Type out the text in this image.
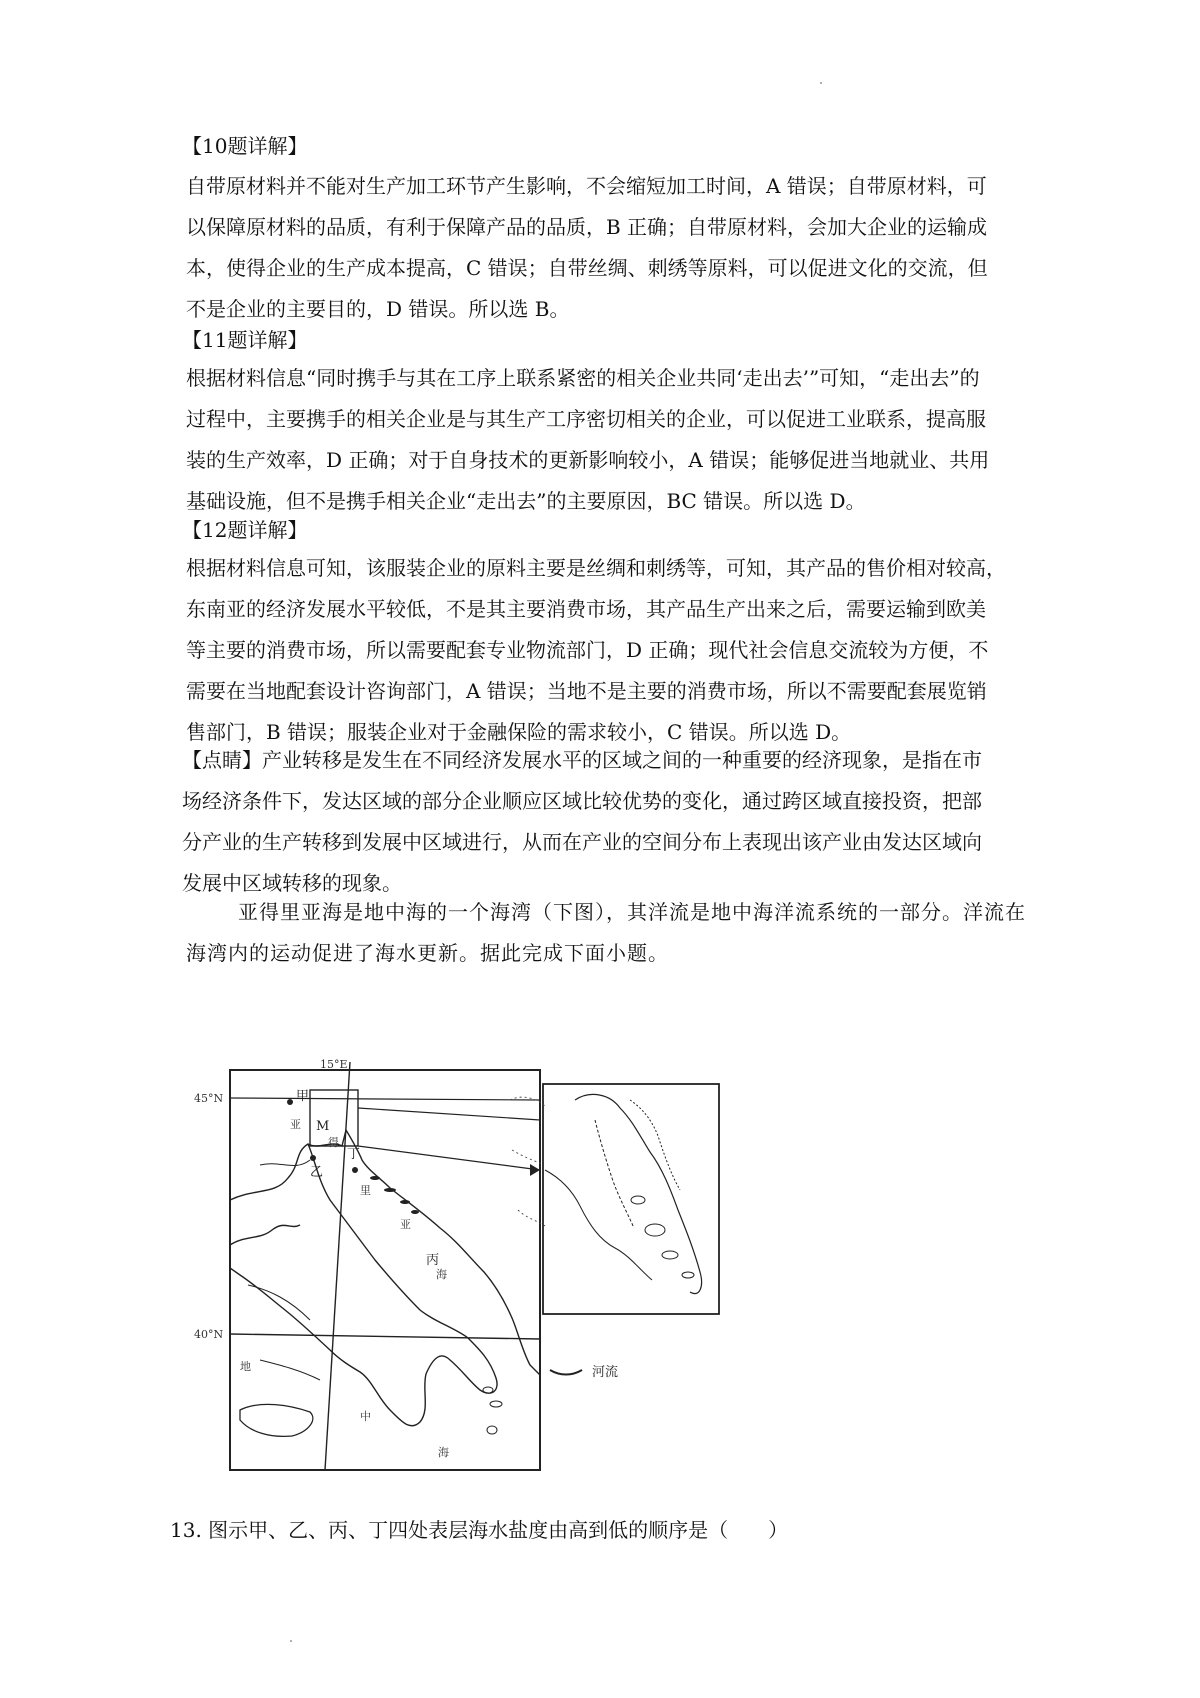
【10题详解】
自带原材料并不能对生产加工环节产生影响，不会缩短加工时间，A 错误；自带原材料，可
以保障原材料的品质，有利于保障产品的品质，B 正确；自带原材料，会加大企业的运输成
本，使得企业的生产成本提高，C 错误；自带丝绸、刺绣等原料，可以促进文化的交流，但
不是企业的主要目的，D 错误。所以选 B。
【11题详解】
根据材料信息“同时携手与其在工序上联系紧密的相关企业共同‘走出去’”可知，“走出去”的
过程中，主要携手的相关企业是与其生产工序密切相关的企业，可以促进工业联系，提高服
装的生产效率，D 正确；对于自身技术的更新影响较小，A 错误；能够促进当地就业、共用
基础设施，但不是携手相关企业“走出去”的主要原因，BC 错误。所以选 D。
【12题详解】
根据材料信息可知，该服装企业的原料主要是丝绸和刺绣等，可知，其产品的售价相对较高，
东南亚的经济发展水平较低，不是其主要消费市场，其产品生产出来之后，需要运输到欧美
等主要的消费市场，所以需要配套专业物流部门，D 正确；现代社会信息交流较为方便，不
需要在当地配套设计咨询部门，A 错误；当地不是主要的消费市场，所以不需要配套展览销
售部门，B 错误；服装企业对于金融保险的需求较小，C 错误。所以选 D。
【点睛】产业转移是发生在不同经济发展水平的区域之间的一种重要的经济现象，是指在市
场经济条件下，发达区域的部分企业顺应区域比较优势的变化，通过跨区域直接投资，把部
分产业的生产转移到发展中区域进行，从而在产业的空间分布上表现出该产业由发达区域向
发展中区域转移的现象。
亚得里亚海是地中海的一个海湾（下图），其洋流是地中海洋流系统的一部分。洋流在
海湾内的运动促进了海水更新。据此完成下面小题。
甲
乙
丙
丁
M
亚
得
里
亚
海
地
中
海
15°E
45°N
40°N
河流
13. 图示甲、乙、丙、丁四处表层海水盐度由高到低的顺序是（　　）
